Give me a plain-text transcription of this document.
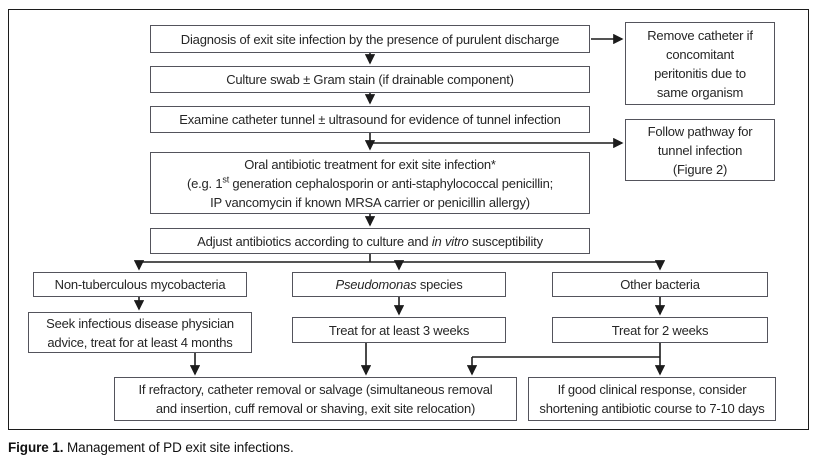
Diagnosis of exit site infection by the presence of purulent discharge
Culture swab ± Gram stain (if drainable component)
Examine catheter tunnel ± ultrasound for evidence of tunnel infection
Oral antibiotic treatment for exit site infection*
(e.g. 1st generation cephalosporin or anti-staphylococcal penicillin;
IP vancomycin if known MRSA carrier or penicillin allergy)
Adjust antibiotics according to culture and in vitro susceptibility
Remove catheter if
concomitant
peritonitis due to
same organism
Follow pathway for
tunnel infection
(Figure 2)
Non-tuberculous mycobacteria	Pseudomonas species	Other bacteria
Seek infectious disease physician
advice, treat for at least 4 months
Treat for at least 3 weeks	Treat for 2 weeks
If refractory, catheter removal or salvage (simultaneous removal
and insertion, cuff removal or shaving, exit site relocation)
If good clinical response, consider
shortening antibiotic course to 7-10 days
Figure 1. Management of PD exit site infections.
